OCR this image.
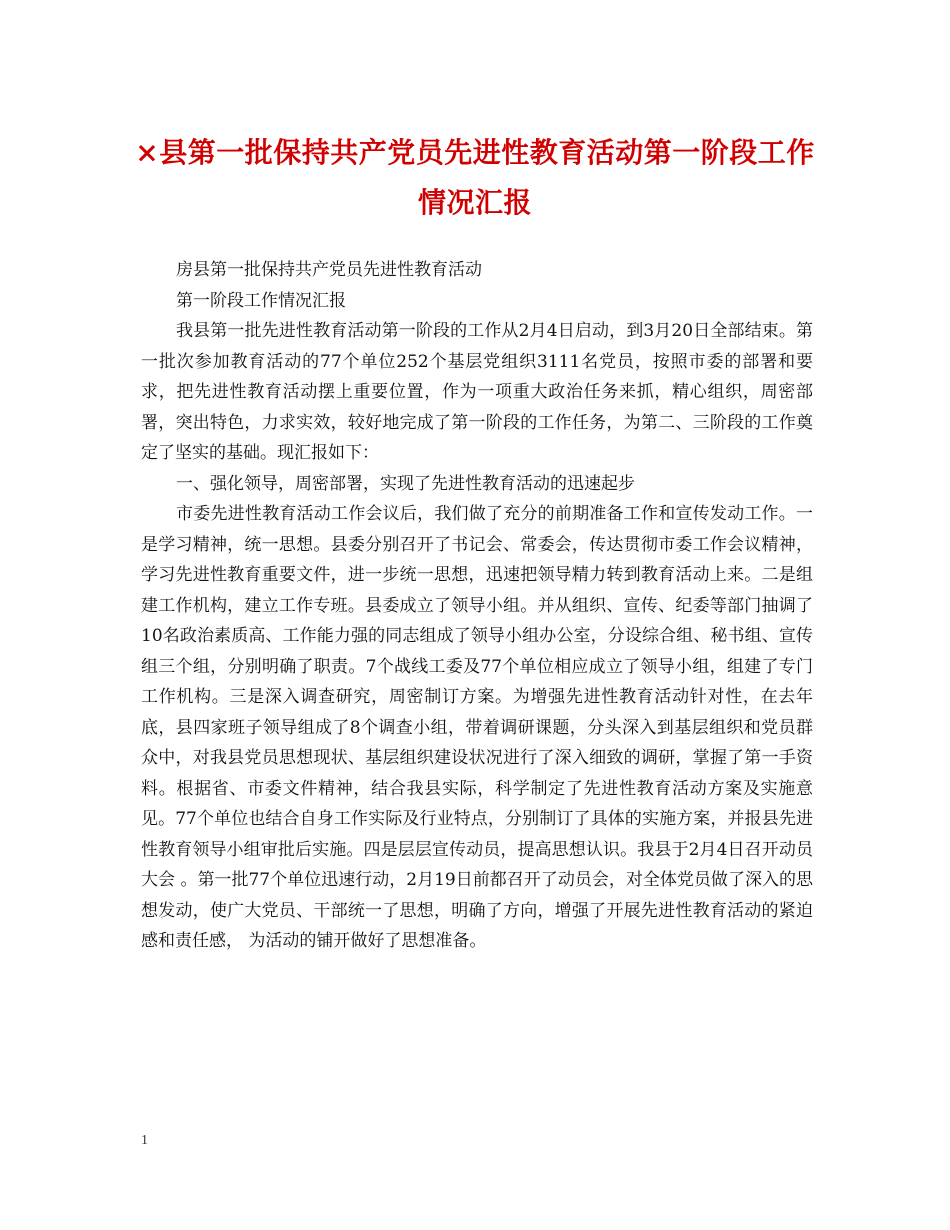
×县第一批保持共产党员先进性教育活动第一阶段工作情况汇报

房县第一批保持共产党员先进性教育活动

第一阶段工作情况汇报

我县第一批先进性教育活动第一阶段的工作从2月4日启动，到3月20日全部结束。第一批次参加教育活动的77个单位252个基层党组织3111名党员，按照市委的部署和要求，把先进性教育活动摆上重要位置，作为一项重大政治任务来抓，精心组织，周密部署，突出特色，力求实效，较好地完成了第一阶段的工作任务，为第二、三阶段的工作奠定了坚实的基础。现汇报如下：

一、强化领导，周密部署，实现了先进性教育活动的迅速起步

市委先进性教育活动工作会议后，我们做了充分的前期准备工作和宣传发动工作。一是学习精神，统一思想。县委分别召开了书记会、常委会，传达贯彻市委工作会议精神，学习先进性教育重要文件，进一步统一思想，迅速把领导精力转到教育活动上来。二是组建工作机构，建立工作专班。县委成立了领导小组。并从组织、宣传、纪委等部门抽调了10名政治素质高、工作能力强的同志组成了领导小组办公室，分设综合组、秘书组、宣传组三个组，分别明确了职责。7个战线工委及77个单位相应成立了领导小组，组建了专门工作机构。三是深入调查研究，周密制订方案。为增强先进性教育活动针对性，在去年底，县四家班子领导组成了8个调查小组，带着调研课题，分头深入到基层组织和党员群众中，对我县党员思想现状、基层组织建设状况进行了深入细致的调研，掌握了第一手资料。根据省、市委文件精神，结合我县实际，科学制定了先进性教育活动方案及实施意见。77个单位也结合自身工作实际及行业特点，分别制订了具体的实施方案，并报县先进性教育领导小组审批后实施。四是层层宣传动员，提高思想认识。我县于2月4日召开动员大会 。第一批77个单位迅速行动，2月19日前都召开了动员会，对全体党员做了深入的思想发动，使广大党员、干部统一了思想，明确了方向，增强了开展先进性教育活动的紧迫感和责任感， 为活动的铺开做好了思想准备。

1
